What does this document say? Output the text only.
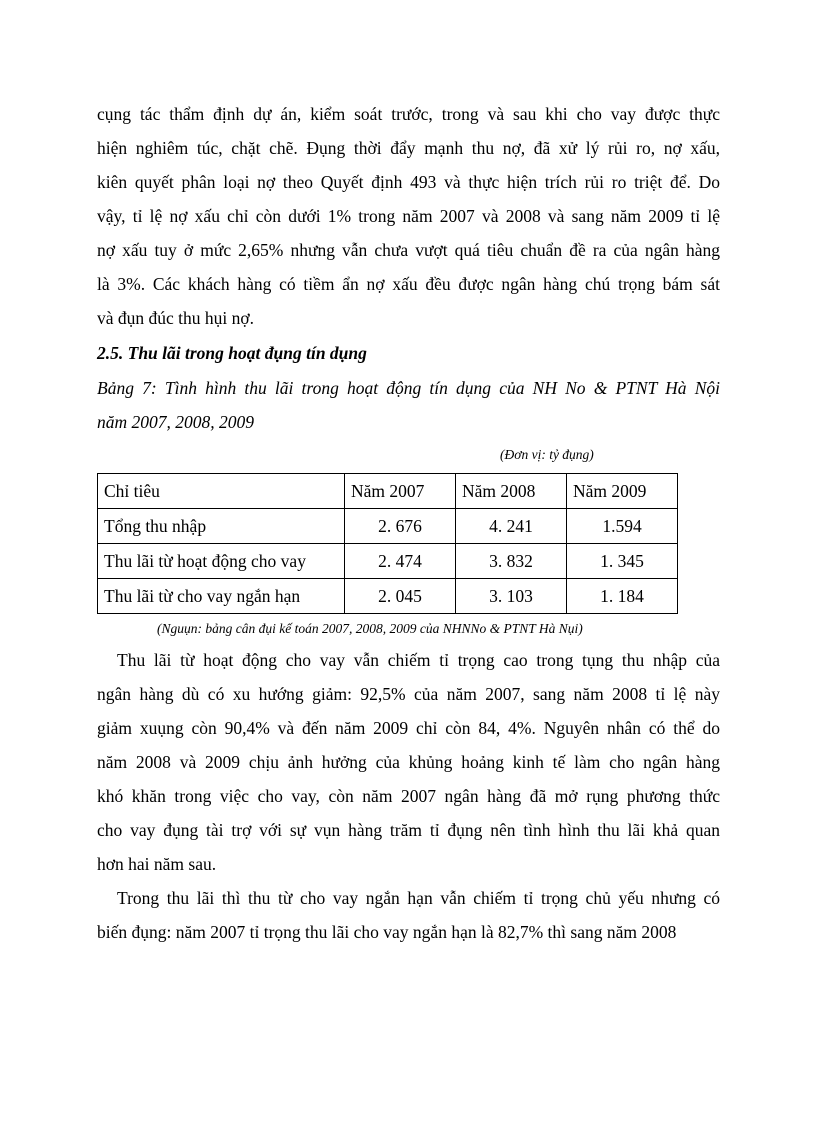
cụng tác thẩm định dự án, kiểm soát trước, trong và sau khi cho vay được thực
hiện nghiêm túc, chặt chẽ. Đụng thời đẩy mạnh thu nợ, đã xử lý rủi ro, nợ xấu,
kiên quyết phân loại nợ theo Quyết định 493 và thực hiện trích rủi ro triệt để. Do
vậy, tỉ lệ nợ xấu chỉ còn dưới 1% trong năm 2007 và 2008 và sang năm 2009 tỉ lệ
nợ xấu tuy ở mức 2,65% nhưng vẫn chưa vượt quá tiêu chuẩn đề ra của ngân hàng
là 3%. Các khách hàng có tiềm ẩn nợ xấu đều được ngân hàng chú trọng bám sát
và đụn đúc thu hụi nợ.
2.5. Thu lãi trong hoạt đụng tín dụng
Bảng 7: Tình hình thu lãi trong hoạt động tín dụng của NH No & PTNT Hà Nội
năm 2007, 2008, 2009
(Đơn vị: tỷ đụng)
Chỉ tiêu	Năm 2007	Năm 2008	Năm 2009
Tổng thu nhập	2. 676	4. 241	1.594
Thu lãi từ hoạt động cho vay	2. 474	3. 832	1. 345
Thu lãi từ cho vay ngắn hạn	2. 045	3. 103	1. 184
(Nguụn: bảng cân đụi kế toán 2007, 2008, 2009 của NHNNo & PTNT Hà Nụi)
Thu lãi từ hoạt động cho vay vẫn chiếm tỉ trọng cao trong tụng thu nhập của
ngân hàng dù có xu hướng giảm: 92,5% của năm 2007, sang năm 2008 tỉ lệ này
giảm xuụng còn 90,4% và đến năm 2009 chỉ còn 84, 4%. Nguyên nhân có thể do
năm 2008 và 2009 chịu ảnh hưởng của khủng hoảng kinh tế làm cho ngân hàng
khó khăn trong việc cho vay, còn năm 2007 ngân hàng đã mở rụng phương thức
cho vay đụng tài trợ với sự vụn hàng trăm tỉ đụng nên tình hình thu lãi khả quan
hơn hai năm sau.
Trong thu lãi thì thu từ cho vay ngắn hạn vẫn chiếm tỉ trọng chủ yếu nhưng có
biến đụng: năm 2007 tỉ trọng thu lãi cho vay ngắn hạn là 82,7% thì sang năm 2008
